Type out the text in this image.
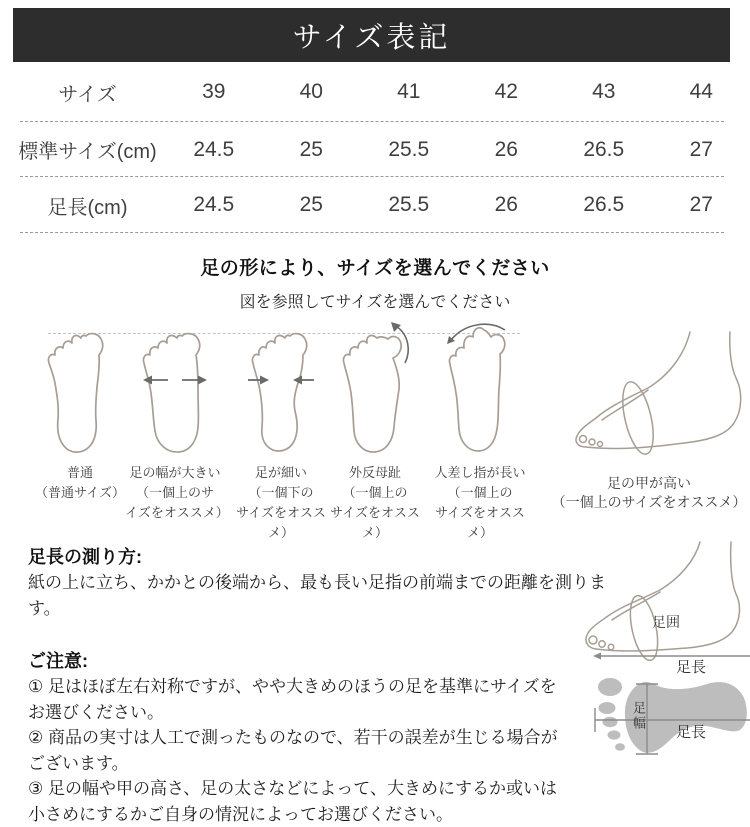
サイズ表記
サイズ	39	40	41	42	43	44
標準サイズ(cm)	24.5	25	25.5	26	26.5	27
足長(cm)	24.5	25	25.5	26	26.5	27
足の形により、サイズを選んでください
図を参照してサイズを選んでください
普通
（普通サイズ）
足の幅が大きい
（一個上のサ
イズをオススメ）
足が細い
（一個下の
サイズをオススメ）
外反母趾
（一個上の
サイズをオススメ）
人差し指が長い
（一個上の
サイズをオススメ）
足の甲が高い
（一個上のサイズをオススメ）
足長の測り方:
紙の上に立ち、かかとの後端から、最も長い足指の前端までの距離を測ります。
ご注意:
① 足はほぼ左右対称ですが、やや大きめのほうの足を基準にサイズを
お選びください。
② 商品の実寸は人工で測ったものなので、若干の誤差が生じる場合が
ございます。
③ 足の幅や甲の高さ、足の太さなどによって、大きめにするか或いは
小さめにするかご自身の情況によってお選びください。
足囲
足長
足幅
足長
